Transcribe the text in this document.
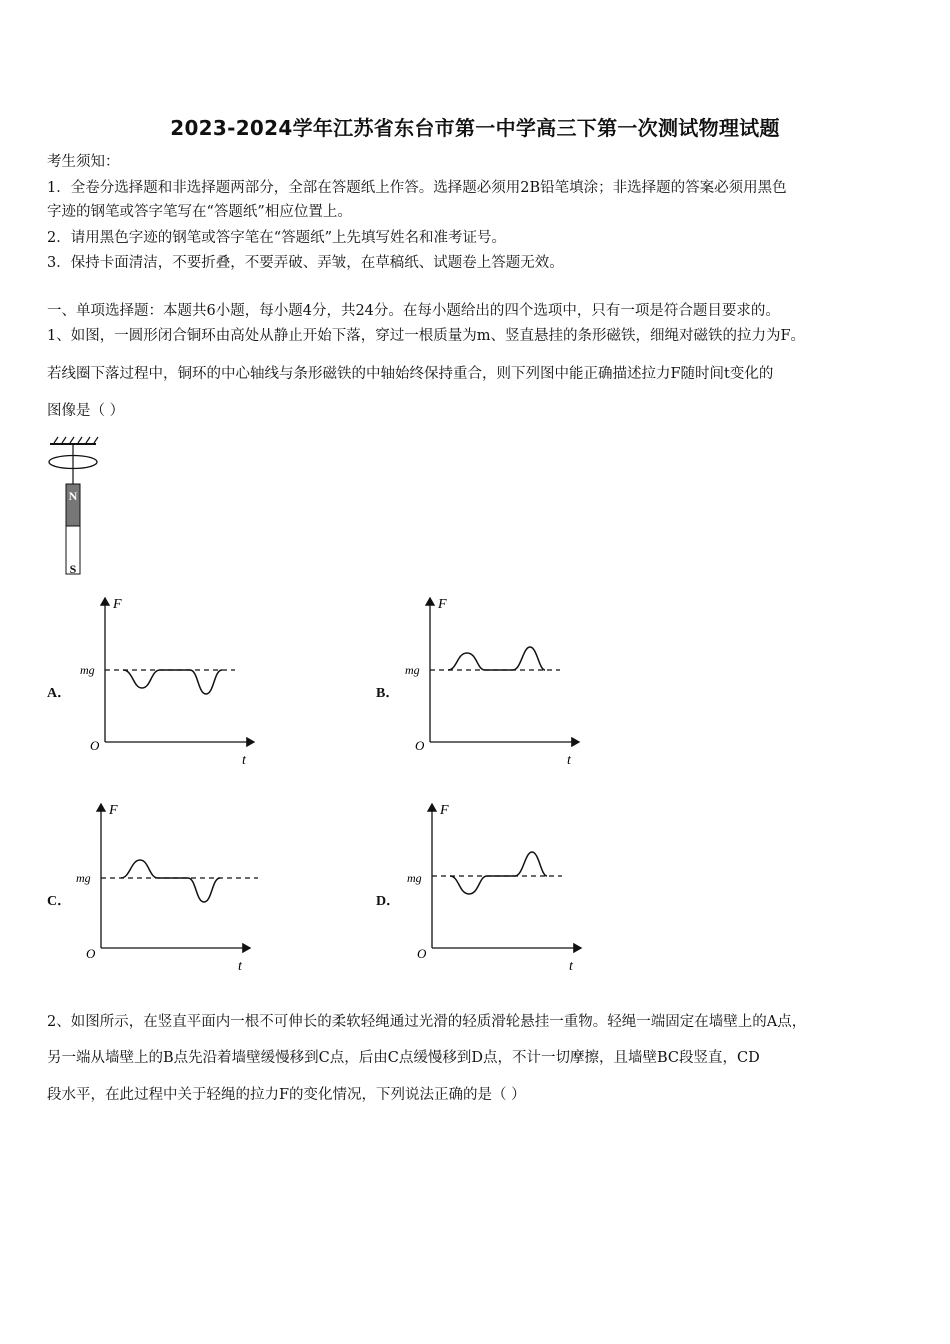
2023-2024学年江苏省东台市第一中学高三下第一次测试物理试题
考生须知：
1．全卷分选择题和非选择题两部分，全部在答题纸上作答。选择题必须用2B铅笔填涂；非选择题的答案必须用黑色
字迹的钢笔或答字笔写在“答题纸”相应位置上。
2．请用黑色字迹的钢笔或答字笔在“答题纸”上先填写姓名和准考证号。
3．保持卡面清洁，不要折叠，不要弄破、弄皱，在草稿纸、试题卷上答题无效。
一、单项选择题：本题共6小题，每小题4分，共24分。在每小题给出的四个选项中，只有一项是符合题目要求的。
1、如图，一圆形闭合铜环由高处从静止开始下落，穿过一根质量为m、竖直悬挂的条形磁铁，细绳对磁铁的拉力为F。
若线圈下落过程中，铜环的中心轴线与条形磁铁的中轴始终保持重合，则下列图中能正确描述拉力F随时间t变化的
图像是（ ）
N
S
A．
F
mg
O
t
B．
F
mg
O
t
C．
F
mg
O
t
D．
F
mg
O
t
2、如图所示，在竖直平面内一根不可伸长的柔软轻绳通过光滑的轻质滑轮悬挂一重物。轻绳一端固定在墙壁上的A点，
另一端从墙壁上的B点先沿着墙壁缓慢移到C点，后由C点缓慢移到D点，不计一切摩擦，且墙壁BC段竖直，CD
段水平，在此过程中关于轻绳的拉力F的变化情况，下列说法正确的是（ ）
